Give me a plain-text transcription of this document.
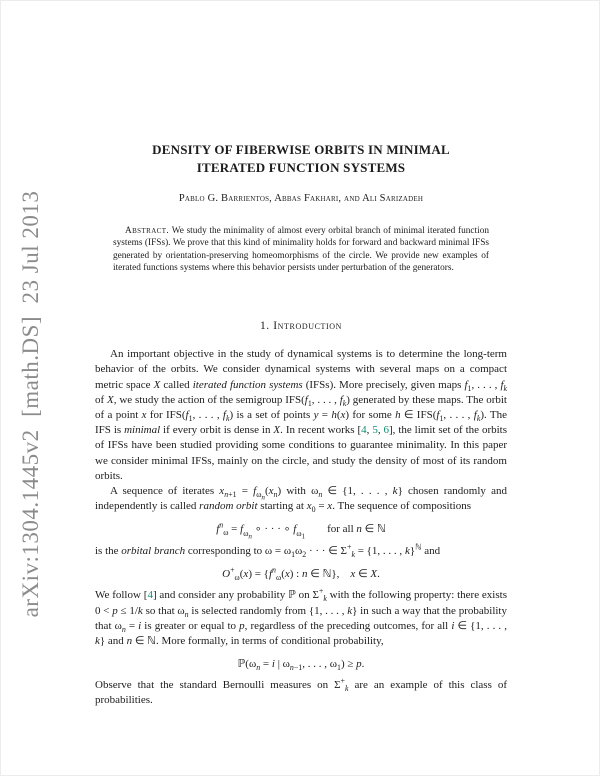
arXiv:1304.1445v2  [math.DS]  23 Jul 2013
DENSITY OF FIBERWISE ORBITS IN MINIMAL
ITERATED FUNCTION SYSTEMS
Pablo G. Barrientos, Abbas Fakhari, and Ali Sarizadeh
Abstract. We study the minimality of almost every orbital branch of minimal iterated function systems (IFSs). We prove that this kind of minimality holds for forward and backward minimal IFSs generated by orientation-preserving homeomorphisms of the circle. We provide new examples of iterated functions systems where this behavior persists under perturbation of the generators.
1. Introduction

An important objective in the study of dynamical systems is to determine the long-term behavior of the orbits. We consider dynamical systems with several maps on a compact metric space X called iterated function systems (IFSs). More precisely, given maps $f_1$, . . . , $f_k$ of X, we study the action of the semigroup $IFS(f_1$, . . . , $f_k$) generated by these maps. The orbit of a point x for $IFS(f_1$, . . . , $f_k$) is a set of points y = h(x) for some h ∈ $IFS(f_1$, . . . , $f_k$). The IFS is minimal if every orbit is dense in X. In recent works [4, 5, 6], the limit set of the orbits of IFSs have been studied providing some conditions to guarantee minimality. In this paper we consider minimal IFSs, mainly on the circle, and study the density of most of its random orbits.

A sequence of iterates $x_{n+1} = f_{\omega_n}(x_n)$ with $\omega_n$ ∈ {1, . . . , k} chosen randomly and independently is called random orbit starting at $x_0 = x$. The sequence of compositions

$f^n_\omega = f_{\omega_n}$ ∘ · · · ∘ $f_{\omega_1}$  for all n ∈ ℕ

is the orbital branch corresponding to $\omega = \omega_1\omega_2$ · · · ∈ $\Sigma^+_k = \{1$, . . . , k}$^ℕ$ and

$O^+_\omega(x) = \{f^n_\omega(x)$ : n ∈ ℕ}, x ∈ X.

We follow [4] and consider any probability ℙ on $\Sigma^+_k$ with the following property: there exists 0 < p ≤ 1/k so that $\omega_n$ is selected randomly from {1, . . . , k} in such a way that the probability that $\omega_n = i$ is greater or equal to p, regardless of the preceding outcomes, for all i ∈ {1, . . . , k} and n ∈ ℕ. More formally, in terms of conditional probability,

$ℙ(\omega_n = i$ | $\omega_{n-1}$, . . . , $\omega_1) \ge p$.

Observe that the standard Bernoulli measures on $\Sigma^+_k$ are an example of this class of probabilities.
